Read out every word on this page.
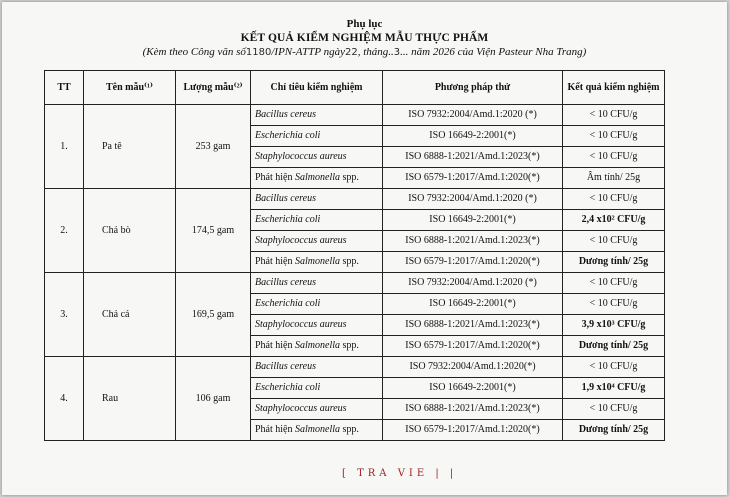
Phụ lục
KẾT QUẢ KIỂM NGHIỆM MẪU THỰC PHẨM
(Kèm theo Công văn số1180/IPN-ATTP ngày22, tháng..3... năm 2026 của Viện Pasteur Nha Trang)
TT	Tên mẫu⁽¹⁾	Lượng mẫu⁽²⁾	Chỉ tiêu kiểm nghiệm	Phương pháp thử	Kết quả kiểm nghiệm
1.	Pa tê	253 gam	Bacillus cereus	ISO 7932:2004/Amd.1:2020 (*)	< 10 CFU/g
			Escherichia coli	ISO 16649-2:2001(*)	< 10 CFU/g
			Staphylococcus aureus	ISO 6888-1:2021/Amd.1:2023(*)	< 10 CFU/g
			Phát hiện Salmonella spp.	ISO 6579-1:2017/Amd.1:2020(*)	Âm tính/ 25g
2.	Chả bò	174,5 gam	Bacillus cereus	ISO 7932:2004/Amd.1:2020 (*)	< 10 CFU/g
			Escherichia coli	ISO 16649-2:2001(*)	2,4 x10² CFU/g
			Staphylococcus aureus	ISO 6888-1:2021/Amd.1:2023(*)	< 10 CFU/g
			Phát hiện Salmonella spp.	ISO 6579-1:2017/Amd.1:2020(*)	Dương tính/ 25g
3.	Chả cá	169,5 gam	Bacillus cereus	ISO 7932:2004/Amd.1:2020 (*)	< 10 CFU/g
			Escherichia coli	ISO 16649-2:2001(*)	< 10 CFU/g
			Staphylococcus aureus	ISO 6888-1:2021/Amd.1:2023(*)	3,9 x10³ CFU/g
			Phát hiện Salmonella spp.	ISO 6579-1:2017/Amd.1:2020(*)	Dương tính/ 25g
4.	Rau	106 gam	Bacillus cereus	ISO 7932:2004/Amd.1:2020(*)	< 10 CFU/g
			Escherichia coli	ISO 16649-2:2001(*)	1,9 x10⁴ CFU/g
			Staphylococcus aureus	ISO 6888-1:2021/Amd.1:2023(*)	< 10 CFU/g
			Phát hiện Salmonella spp.	ISO 6579-1:2017/Amd.1:2020(*)	Dương tính/ 25g
[ TRA VIE | |
